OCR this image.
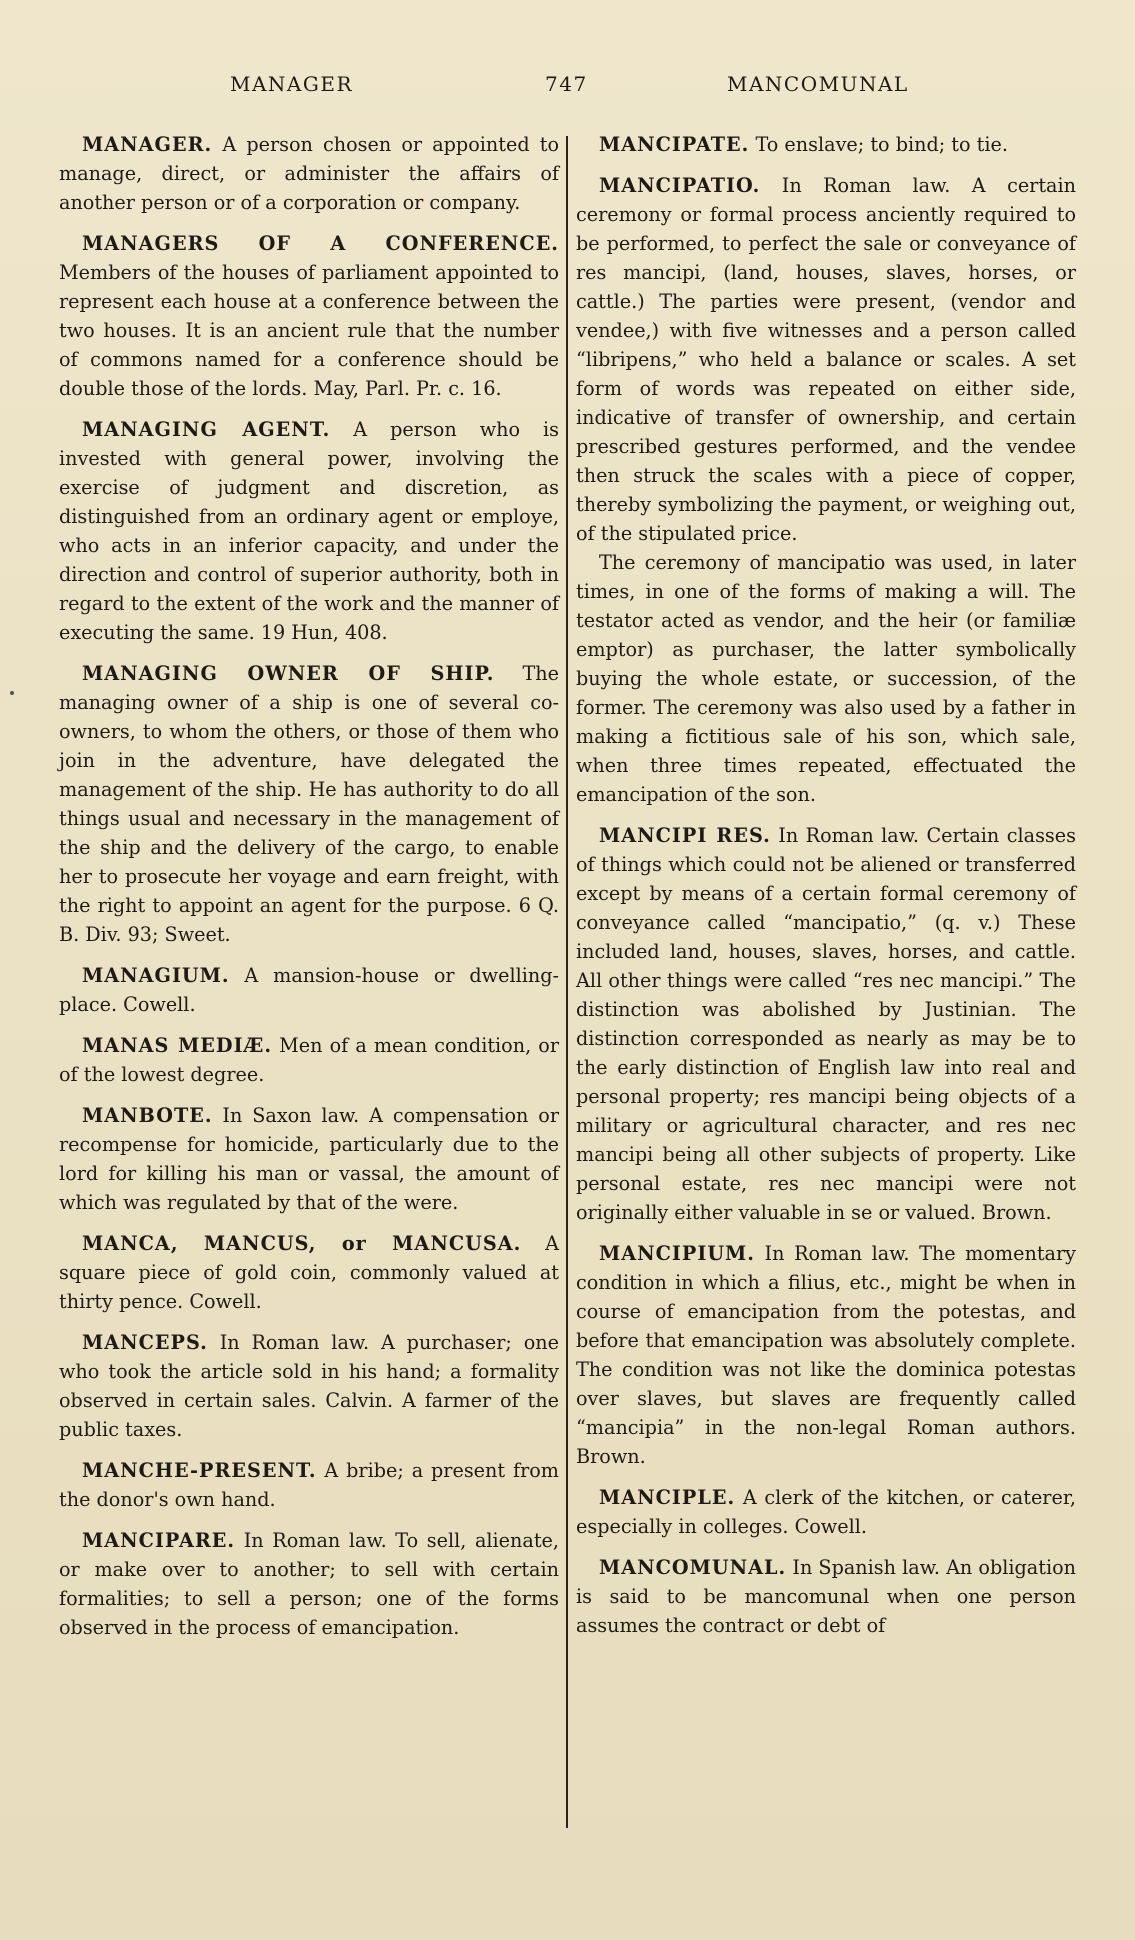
MANAGER	747	MANCOMUNAL

MANAGER. A person chosen or appointed to manage, direct, or administer the affairs of another person or of a corporation or company.

MANAGERS OF A CONFERENCE. Members of the houses of parliament appointed to represent each house at a conference between the two houses. It is an ancient rule that the number of commons named for a conference should be double those of the lords. May, Parl. Pr. c. 16.

MANAGING AGENT. A person who is invested with general power, involving the exercise of judgment and discretion, as distinguished from an ordinary agent or employe, who acts in an inferior capacity, and under the direction and control of superior authority, both in regard to the extent of the work and the manner of executing the same. 19 Hun, 408.

MANAGING OWNER OF SHIP. The managing owner of a ship is one of several co-owners, to whom the others, or those of them who join in the adventure, have delegated the management of the ship. He has authority to do all things usual and necessary in the management of the ship and the delivery of the cargo, to enable her to prosecute her voyage and earn freight, with the right to appoint an agent for the purpose. 6 Q. B. Div. 93; Sweet.

MANAGIUM. A mansion-house or dwelling-place. Cowell.

MANAS MEDIÆ. Men of a mean condition, or of the lowest degree.

MANBOTE. In Saxon law. A compensation or recompense for homicide, particularly due to the lord for killing his man or vassal, the amount of which was regulated by that of the were.

MANCA, MANCUS, or MANCUSA. A square piece of gold coin, commonly valued at thirty pence. Cowell.

MANCEPS. In Roman law. A purchaser; one who took the article sold in his hand; a formality observed in certain sales. Calvin. A farmer of the public taxes.

MANCHE-PRESENT. A bribe; a present from the donor's own hand.

MANCIPARE. In Roman law. To sell, alienate, or make over to another; to sell with certain formalities; to sell a person; one of the forms observed in the process of emancipation.

MANCIPATE. To enslave; to bind; to tie.

MANCIPATIO. In Roman law. A certain ceremony or formal process anciently required to be performed, to perfect the sale or conveyance of res mancipi, (land, houses, slaves, horses, or cattle.) The parties were present, (vendor and vendee,) with five witnesses and a person called “libripens,” who held a balance or scales. A set form of words was repeated on either side, indicative of transfer of ownership, and certain prescribed gestures performed, and the vendee then struck the scales with a piece of copper, thereby symbolizing the payment, or weighing out, of the stipulated price.

The ceremony of mancipatio was used, in later times, in one of the forms of making a will. The testator acted as vendor, and the heir (or familiæ emptor) as purchaser, the latter symbolically buying the whole estate, or succession, of the former. The ceremony was also used by a father in making a fictitious sale of his son, which sale, when three times repeated, effectuated the emancipation of the son.

MANCIPI RES. In Roman law. Certain classes of things which could not be aliened or transferred except by means of a certain formal ceremony of conveyance called “mancipatio,” (q. v.) These included land, houses, slaves, horses, and cattle. All other things were called “res nec mancipi.” The distinction was abolished by Justinian. The distinction corresponded as nearly as may be to the early distinction of English law into real and personal property; res mancipi being objects of a military or agricultural character, and res nec mancipi being all other subjects of property. Like personal estate, res nec mancipi were not originally either valuable in se or valued. Brown.

MANCIPIUM. In Roman law. The momentary condition in which a filius, etc., might be when in course of emancipation from the potestas, and before that emancipation was absolutely complete. The condition was not like the dominica potestas over slaves, but slaves are frequently called “mancipia” in the non-legal Roman authors. Brown.

MANCIPLE. A clerk of the kitchen, or caterer, especially in colleges. Cowell.

MANCOMUNAL. In Spanish law. An obligation is said to be mancomunal when one person assumes the contract or debt of
